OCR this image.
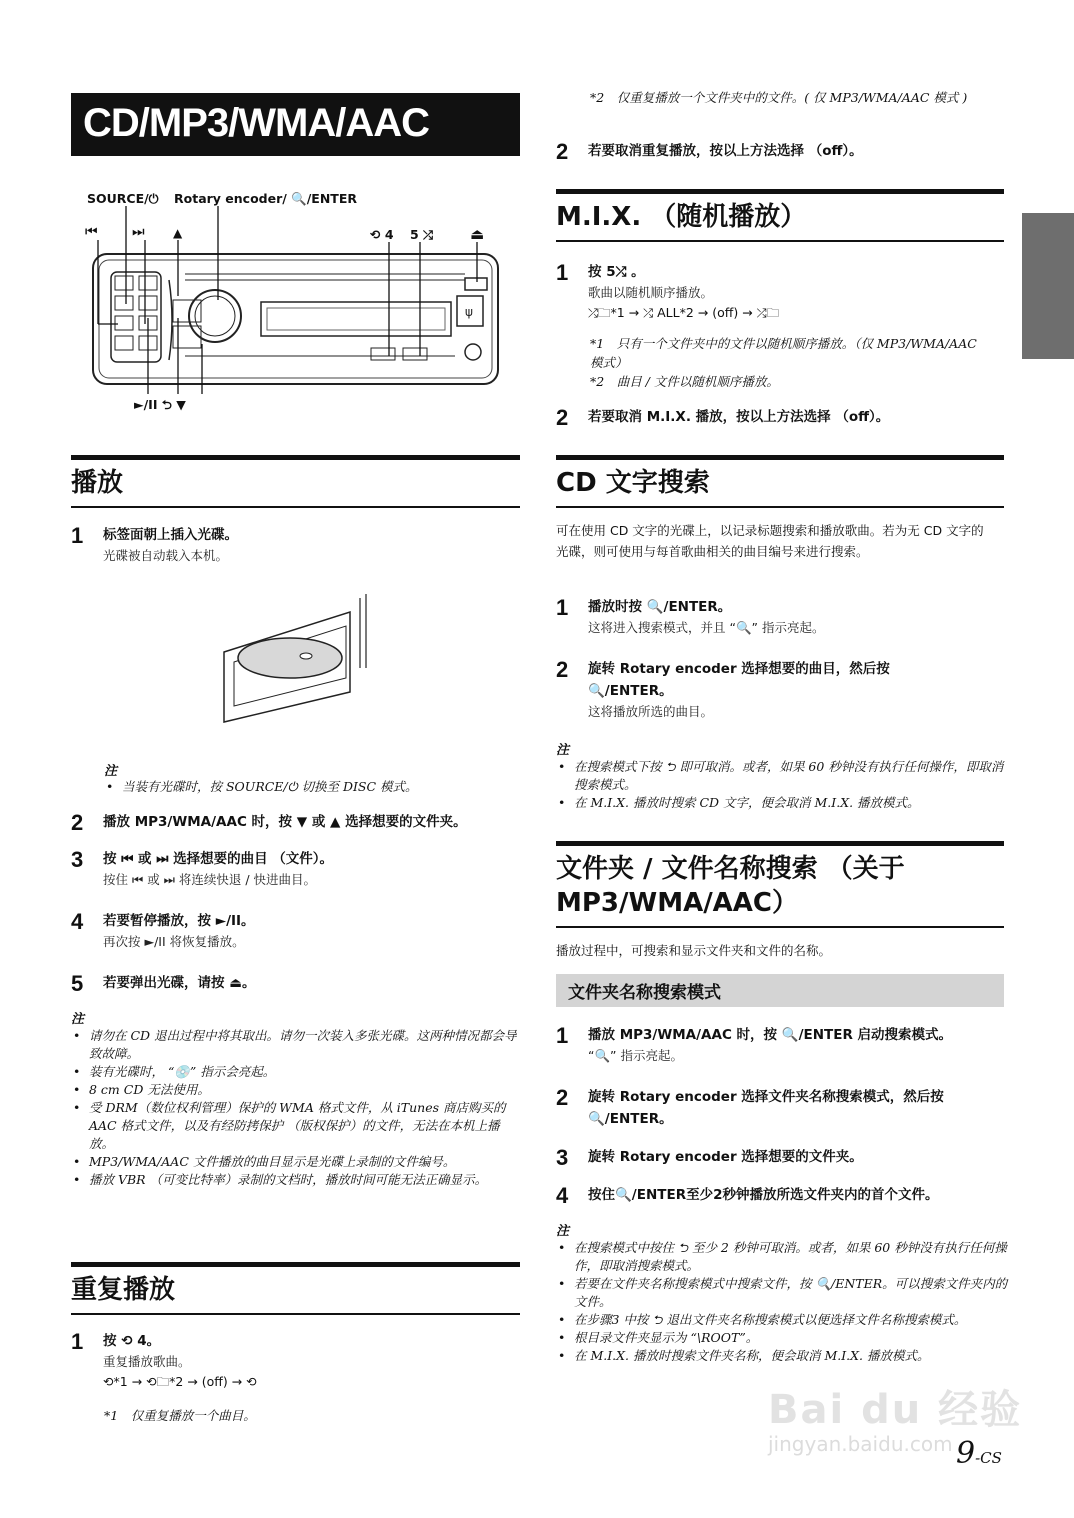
CD/MP3/WMA/AAC
SOURCE/⏻ Rotary encoder/ 🔍/ENTER
⏮ ⏭ ▲	⟲ 4 5 ⤮ ⏏
►/II ⮌ ▼
ψ
播放
1	标签面朝上插入光碟。
光碟被自动载入本机。
注
• 当装有光碟时，按 SOURCE/⏻ 切换至 DISC 模式。
2	播放 MP3/WMA/AAC 时，按 ▼ 或 ▲ 选择想要的文件夹。
3	按 ⏮ 或 ⏭ 选择想要的曲目 （文件）。
按住 ⏮ 或 ⏭ 将连续快退 / 快进曲目。
4	若要暂停播放，按 ►/II。
再次按 ►/II 将恢复播放。
5	若要弹出光碟，请按 ⏏。
注
• 请勿在 CD 退出过程中将其取出。请勿一次装入多张光碟。这两种情况都会导致故障。
• 装有光碟时， “💿” 指示会亮起。
• 8 cm CD 无法使用。
• 受 DRM（数位权利管理）保护的 WMA 格式文件，从 iTunes 商店购买的 AAC 格式文件，以及有经防拷保护 （版权保护）的文件，无法在本机上播放。
• MP3/WMA/AAC 文件播放的曲目显示是光碟上录制的文件编号。
• 播放 VBR （可变比特率）录制的文档时，播放时间可能无法正确显示。
重复播放
1	按 ⟲ 4。
重复播放歌曲。
⟲*1 → ⟲🗀*2 → (off) → ⟲
*1　仅重复播放一个曲目。
*2　仅重复播放一个文件夹中的文件。( 仅 MP3/WMA/AAC 模式 )
2	若要取消重复播放，按以上方法选择 （off）。
M.I.X. （随机播放）
1	按 5⤮ 。
歌曲以随机顺序播放。
⤮🗀*1 → ⤮ ALL*2 → (off) → ⤮🗀
*1　只有一个文件夹中的文件以随机顺序播放。（仅 MP3/WMA/AAC 模式）
*2　曲目 / 文件以随机顺序播放。
2	若要取消 M.I.X. 播放，按以上方法选择 （off）。
CD 文字搜索
可在使用 CD 文字的光碟上，以记录标题搜索和播放歌曲。若为无 CD 文字的光碟，则可使用与每首歌曲相关的曲目编号来进行搜索。
1	播放时按 🔍/ENTER。
这将进入搜索模式，并且 “🔍” 指示亮起。
2	旋转 Rotary encoder 选择想要的曲目，然后按 🔍/ENTER。
这将播放所选的曲目。
注
• 在搜索模式下按 ⮌ 即可取消。或者，如果 60 秒钟没有执行任何操作，即取消搜索模式。
• 在 M.I.X. 播放时搜索 CD 文字，便会取消 M.I.X. 播放模式。
文件夹 / 文件名称搜索 （关于 MP3/WMA/AAC）
播放过程中，可搜索和显示文件夹和文件的名称。
文件夹名称搜索模式
1	播放 MP3/WMA/AAC 时，按 🔍/ENTER 启动搜索模式。
“🔍” 指示亮起。
2	旋转 Rotary encoder 选择文件夹名称搜索模式，然后按 🔍/ENTER。
3	旋转 Rotary encoder 选择想要的文件夹。
4	按住🔍/ENTER至少2秒钟播放所选文件夹内的首个文件。
注
• 在搜索模式中按住 ⮌ 至少 2 秒钟可取消。或者，如果 60 秒钟没有执行任何操作，即取消搜索模式。
• 若要在文件夹名称搜索模式中搜索文件，按 🔍/ENTER。可以搜索文件夹内的文件。
• 在步骤3 中按 ⮌ 退出文件夹名称搜索模式以便选择文件名称搜索模式。
• 根目录文件夹显示为 “\ROOT”。
• 在 M.I.X. 播放时搜索文件夹名称，便会取消 M.I.X. 播放模式。
Bai du 经验
jingyan.baidu.com 9-CS
